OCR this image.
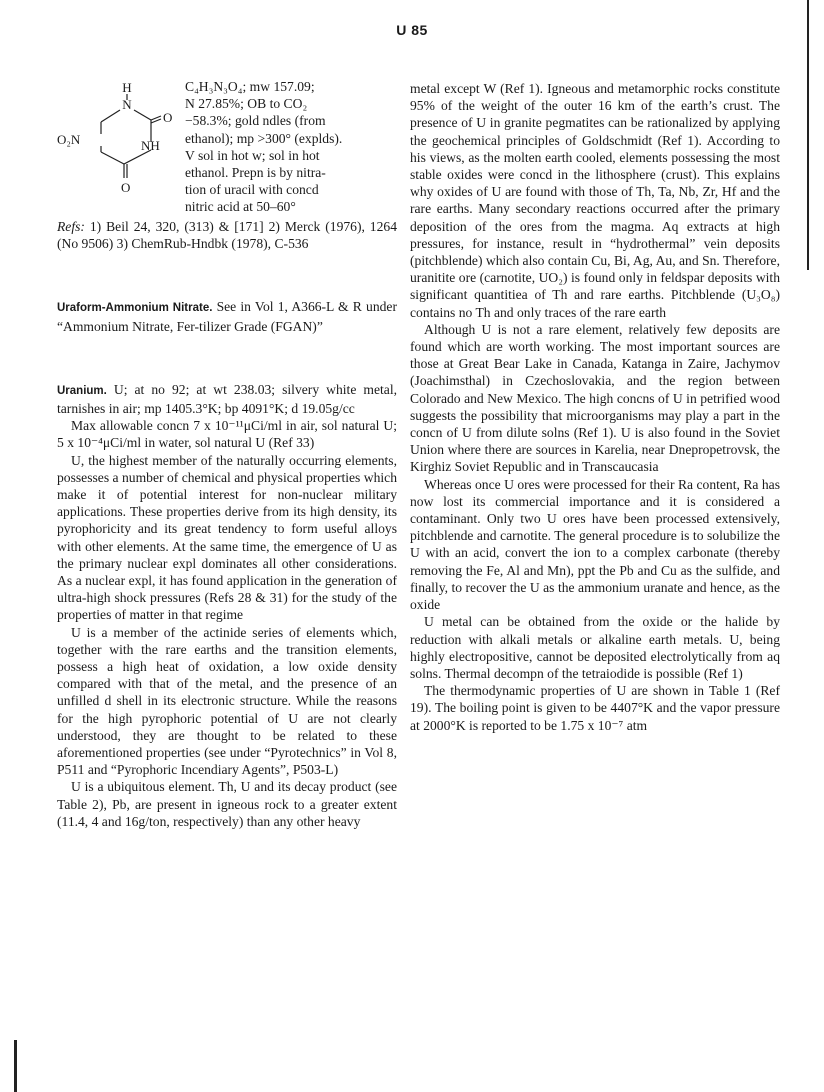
U 85
H
N
O
O₂N	NH
O
C₄H₃N₃O₄; mw 157.09;
N 27.85%; OB to CO₂
−58.3%; gold ndles (from
ethanol); mp >300° (explds).
V sol in hot w; sol in hot
ethanol. Prepn is by nitra-
tion of uracil with concd
nitric acid at 50–60°

Refs: 1) Beil 24, 320, (313) & [171] 2) Merck (1976), 1264 (No 9506) 3) ChemRub-Hndbk (1978), C-536

Uraform-Ammonium Nitrate. See in Vol 1, A366-L & R under “Ammonium Nitrate, Fer-tilizer Grade (FGAN)”

Uranium. U; at no 92; at wt 238.03; silvery white metal, tarnishes in air; mp 1405.3°K; bp 4091°K; d 19.05g/cc

Max allowable concn 7 x 10⁻¹¹μCi/ml in air, sol natural U; 5 x 10⁻⁴μCi/ml in water, sol natural U (Ref 33)

U, the highest member of the naturally occurring elements, possesses a number of chemical and physical properties which make it of potential interest for non-nuclear military applications. These properties derive from its high density, its pyrophoricity and its great tendency to form useful alloys with other elements. At the same time, the emergence of U as the primary nuclear expl dominates all other considerations. As a nuclear expl, it has found application in the generation of ultra-high shock pressures (Refs 28 & 31) for the study of the properties of matter in that regime

U is a member of the actinide series of elements which, together with the rare earths and the transition elements, possess a high heat of oxidation, a low oxide density compared with that of the metal, and the presence of an unfilled d shell in its electronic structure. While the reasons for the high pyrophoric potential of U are not clearly understood, they are thought to be related to these aforementioned properties (see under “Pyrotechnics” in Vol 8, P511 and “Pyrophoric Incendiary Agents”, P503-L)

U is a ubiquitous element. Th, U and its decay product (see Table 2), Pb, are present in igneous rock to a greater extent (11.4, 4 and 16g/ton, respectively) than any other heavy

metal except W (Ref 1). Igneous and metamorphic rocks constitute 95% of the weight of the outer 16 km of the earth’s crust. The presence of U in granite pegmatites can be rationalized by applying the geochemical principles of Goldschmidt (Ref 1). According to his views, as the molten earth cooled, elements possessing the most stable oxides were concd in the lithosphere (crust). This explains why oxides of U are found with those of Th, Ta, Nb, Zr, Hf and the rare earths. Many secondary reactions occurred after the primary deposition of the ores from the magma. Aq extracts at high pressures, for instance, result in “hydrothermal” vein deposits (pitchblende) which also contain Cu, Bi, Ag, Au, and Sn. Therefore, uranitite ore (carnotite, UO₂) is found only in feldspar deposits with significant quantitiea of Th and rare earths. Pitchblende (U₃O₈) contains no Th and only traces of the rare earth

Although U is not a rare element, relatively few deposits are found which are worth working. The most important sources are those at Great Bear Lake in Canada, Katanga in Zaire, Jachymov (Joachimsthal) in Czechoslovakia, and the region between Colorado and New Mexico. The high concns of U in petrified wood suggests the possibility that microorganisms may play a part in the concn of U from dilute solns (Ref 1). U is also found in the Soviet Union where there are sources in Karelia, near Dnepropetrovsk, the Kirghiz Soviet Republic and in Transcaucasia

Whereas once U ores were processed for their Ra content, Ra has now lost its commercial importance and it is considered a contaminant. Only two U ores have been processed extensively, pitchblende and carnotite. The general procedure is to solubilize the U with an acid, convert the ion to a complex carbonate (thereby removing the Fe, Al and Mn), ppt the Pb and Cu as the sulfide, and finally, to recover the U as the ammonium uranate and hence, as the oxide

U metal can be obtained from the oxide or the halide by reduction with alkali metals or alkaline earth metals. U, being highly electropositive, cannot be deposited electrolytically from aq solns. Thermal decompn of the tetraiodide is possible (Ref 1)

The thermodynamic properties of U are shown in Table 1 (Ref 19). The boiling point is given to be 4407°K and the vapor pressure at 2000°K is reported to be 1.75 x 10⁻⁷ atm
